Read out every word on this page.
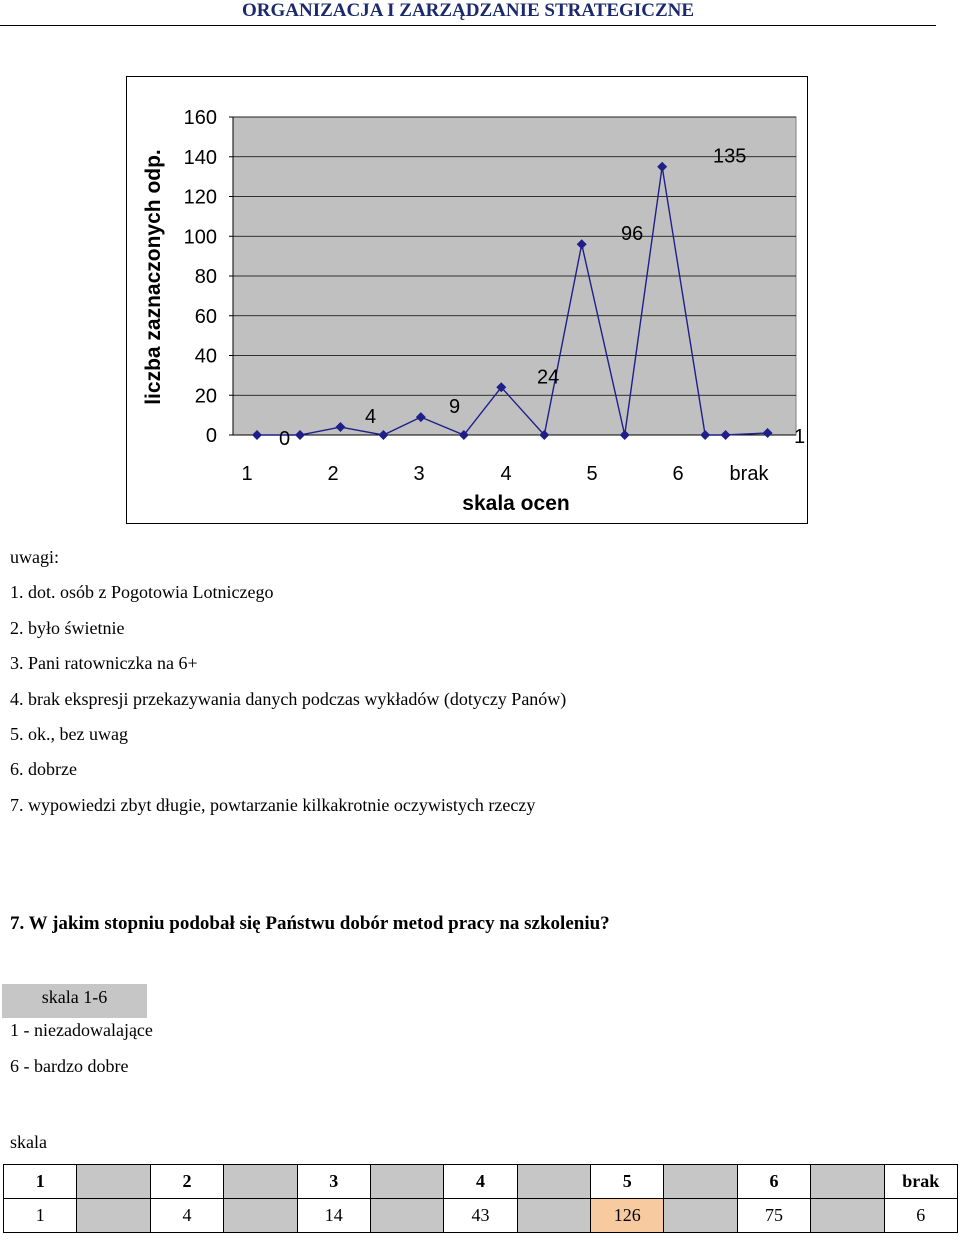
ORGANIZACJA I ZARZĄDZANIE STRATEGICZNE
0
20
40
60
80
100
120
140
160
0
4	9
24
96
135
1
1	2	3	4	5	6 brak
skala ocen
liczba zaznaczonych odp.
uwagi:
1. dot. osób z Pogotowia Lotniczego
2. było świetnie
3. Pani ratowniczka na 6+
4. brak ekspresji przekazywania danych podczas wykładów (dotyczy Panów)
5. ok., bez uwag
6. dobrze
7. wypowiedzi zbyt długie, powtarzanie kilkakrotnie oczywistych rzeczy
7. W jakim stopniu podobał się Państwu dobór metod pracy na szkoleniu?
skala 1-6
1 - niezadowalające
6 - bardzo dobre
skala
1		2		3		4		5		6		brak
1		4		14		43		126		75		6
